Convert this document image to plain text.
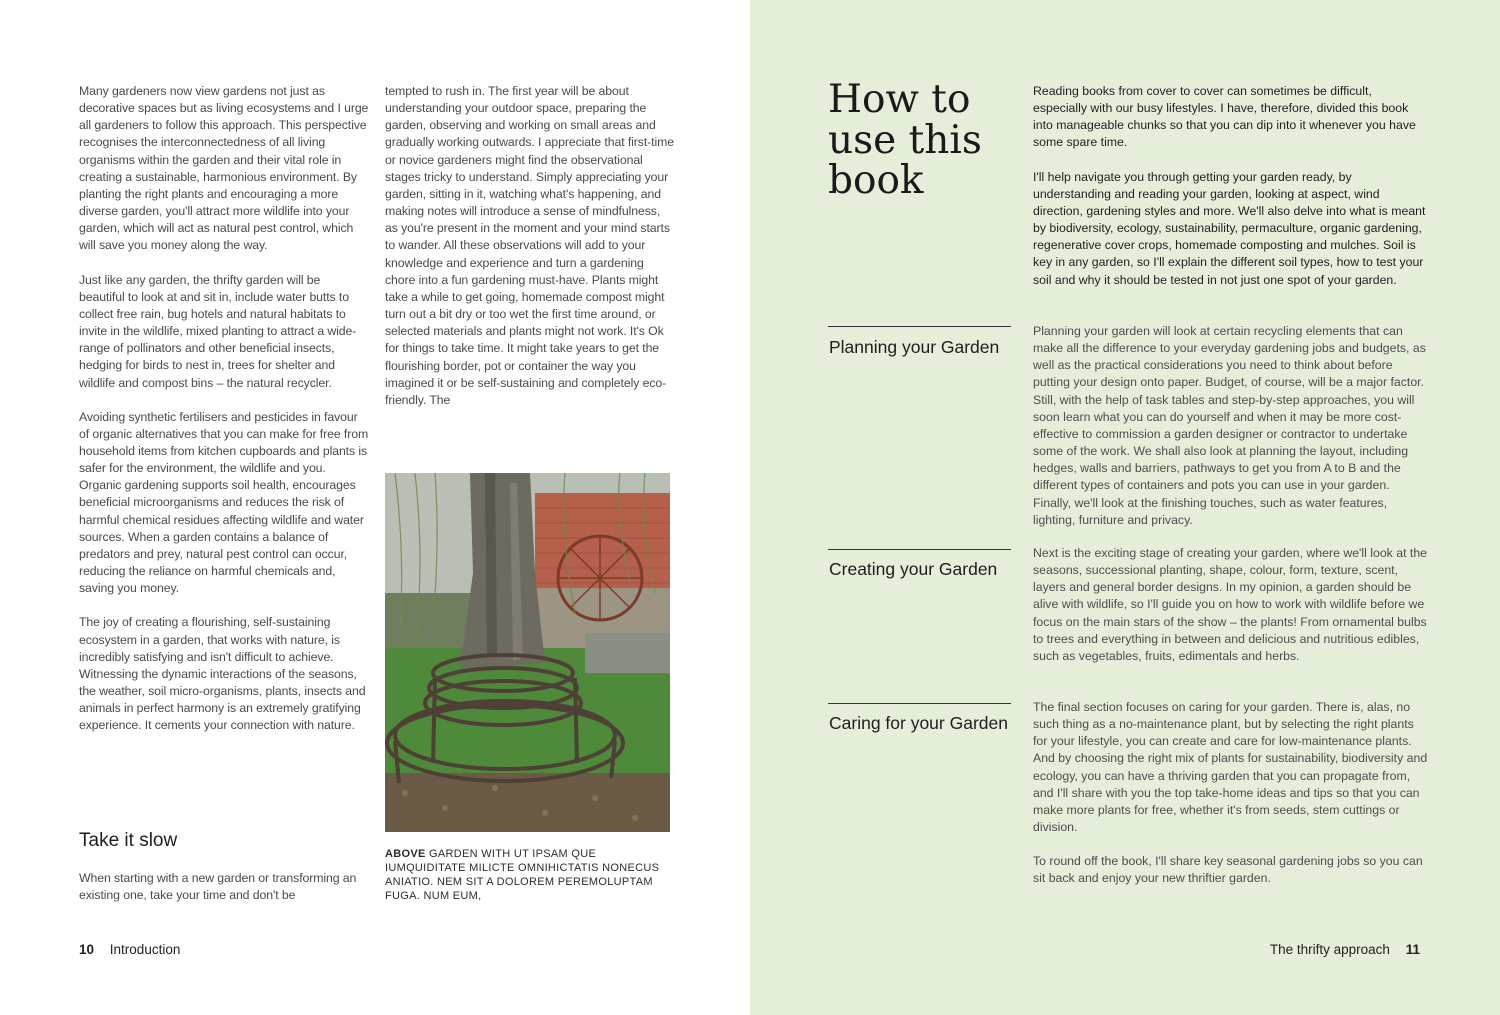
Many gardeners now view gardens not just as decorative spaces but as living ecosystems and I urge all gardeners to follow this approach. This perspective recognises the interconnectedness of all living organisms within the garden and their vital role in creating a sustainable, harmonious environment. By planting the right plants and encouraging a more diverse garden, you'll attract more wildlife into your garden, which will act as natural pest control, which will save you money along the way.

Just like any garden, the thrifty garden will be beautiful to look at and sit in, include water butts to collect free rain, bug hotels and natural habitats to invite in the wildlife, mixed planting to attract a wide-range of pollinators and other beneficial insects, hedging for birds to nest in, trees for shelter and wildlife and compost bins – the natural recycler.

Avoiding synthetic fertilisers and pesticides in favour of organic alternatives that you can make for free from household items from kitchen cupboards and plants is safer for the environment, the wildlife and you. Organic gardening supports soil health, encourages beneficial microorganisms and reduces the risk of harmful chemical residues affecting wildlife and water sources. When a garden contains a balance of predators and prey, natural pest control can occur, reducing the reliance on harmful chemicals and, saving you money.

The joy of creating a flourishing, self-sustaining ecosystem in a garden, that works with nature, is incredibly satisfying and isn't difficult to achieve. Witnessing the dynamic interactions of the seasons, the weather, soil micro-organisms, plants, insects and animals in perfect harmony is an extremely gratifying experience. It cements your connection with nature.

Take it slow
When starting with a new garden or transforming an existing one, take your time and don't be

tempted to rush in. The first year will be about understanding your outdoor space, preparing the garden, observing and working on small areas and gradually working outwards. I appreciate that first-time or novice gardeners might find the observational stages tricky to understand. Simply appreciating your garden, sitting in it, watching what's happening, and making notes will introduce a sense of mindfulness, as you're present in the moment and your mind starts to wander. All these observations will add to your knowledge and experience and turn a gardening chore into a fun gardening must-have. Plants might take a while to get going, homemade compost might turn out a bit dry or too wet the first time around, or selected materials and plants might not work. It's Ok for things to take time. It might take years to get the flourishing border, pot or container the way you imagined it or be self-sustaining and completely eco-friendly. The

ABOVE GARDEN WITH UT IPSAM QUE IUMQUIDITATE MILICTE OMNIHICTATIS NONECUS ANIATIO. NEM SIT A DOLOREM PEREMOLUPTAM FUGA. NUM EUM,
10 Introduction
How to use this book

Reading books from cover to cover can sometimes be difficult, especially with our busy lifestyles. I have, therefore, divided this book into manageable chunks so that you can dip into it whenever you have some spare time.

I'll help navigate you through getting your garden ready, by understanding and reading your garden, looking at aspect, wind direction, gardening styles and more. We'll also delve into what is meant by biodiversity, ecology, sustainability, permaculture, organic gardening, regenerative cover crops, homemade composting and mulches. Soil is key in any garden, so I'll explain the different soil types, how to test your soil and why it should be tested in not just one spot of your garden.

Planning your Garden

Planning your garden will look at certain recycling elements that can make all the difference to your everyday gardening jobs and budgets, as well as the practical considerations you need to think about before putting your design onto paper. Budget, of course, will be a major factor. Still, with the help of task tables and step-by-step approaches, you will soon learn what you can do yourself and when it may be more cost-effective to commission a garden designer or contractor to undertake some of the work. We shall also look at planning the layout, including hedges, walls and barriers, pathways to get you from A to B and the different types of containers and pots you can use in your garden. Finally, we'll look at the finishing touches, such as water features, lighting, furniture and privacy.

Creating your Garden

Next is the exciting stage of creating your garden, where we'll look at the seasons, successional planting, shape, colour, form, texture, scent, layers and general border designs. In my opinion, a garden should be alive with wildlife, so I'll guide you on how to work with wildlife before we focus on the main stars of the show – the plants! From ornamental bulbs to trees and everything in between and delicious and nutritious edibles, such as vegetables, fruits, edimentals and herbs.

Caring for your Garden

The final section focuses on caring for your garden. There is, alas, no such thing as a no-maintenance plant, but by selecting the right plants for your lifestyle, you can create and care for low-maintenance plants. And by choosing the right mix of plants for sustainability, biodiversity and ecology, you can have a thriving garden that you can propagate from, and I'll share with you the top take-home ideas and tips so that you can make more plants for free, whether it's from seeds, stem cuttings or division.

To round off the book, I'll share key seasonal gardening jobs so you can sit back and enjoy your new thriftier garden.

The thrifty approach 11
